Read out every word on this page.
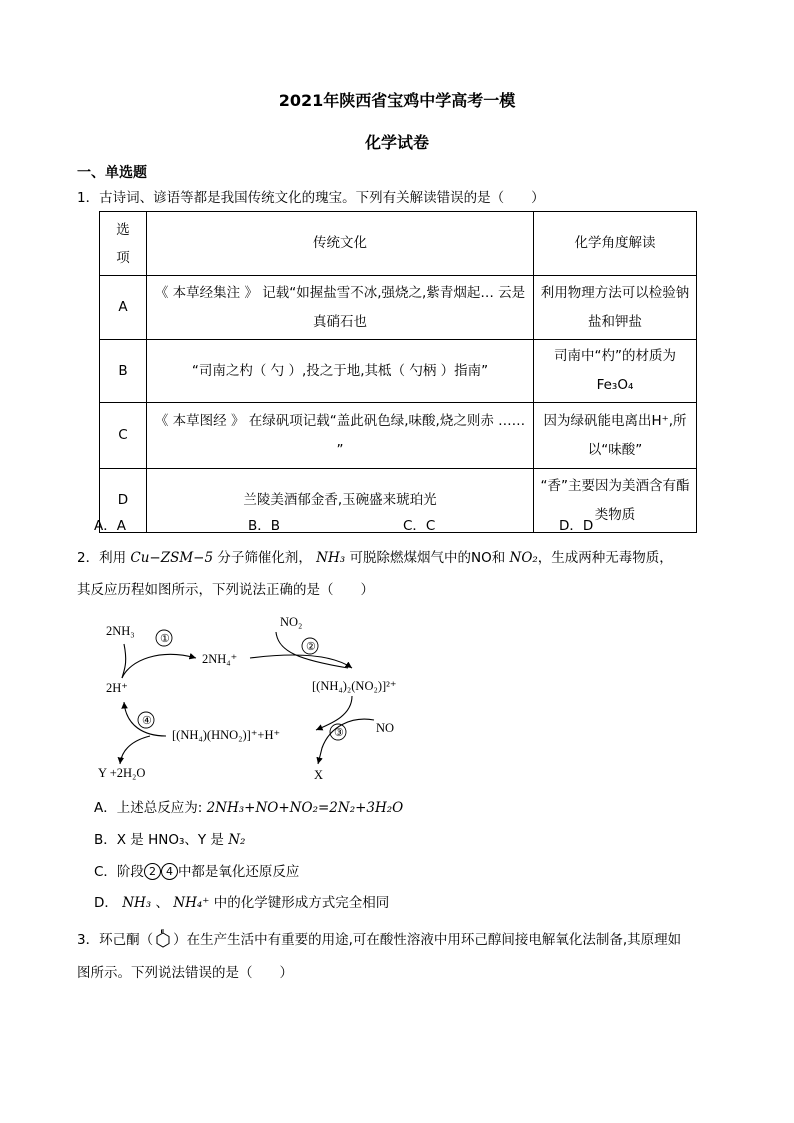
2021年陕西省宝鸡中学高考一模
化学试卷
一、单选题
1．古诗词、谚语等都是我国传统文化的瑰宝。下列有关解读错误的是（　　）
选
项	传统文化	化学角度解读
A	《 本草经集注 》 记载“如握盐雪不冰,强烧之,紫青烟起… 云是真硝石也	利用物理方法可以检验钠盐和钾盐
B	“司南之杓（ 勺 ）,投之于地,其柢（ 勺柄 ）指南”	司南中“杓”的材质为Fe₃O₄
C	《 本草图经 》 在绿矾项记载“盖此矾色绿,味酸,烧之则赤 …… ”	因为绿矾能电离出H⁺,所以“味酸”
D	兰陵美酒郁金香,玉碗盛来琥珀光	“香”主要因为美酒含有酯类物质
A．A	B．B	C．C	D．D
2．利用 Cu−ZSM−5 分子筛催化剂， NH₃ 可脱除燃煤烟气中的NO和 NO₂，生成两种无毒物质，
其反应历程如图所示，下列说法正确的是（　　）
2NH₃
2NH₄⁺
2H⁺
NO₂
[(NH₄)₂(NO₂)]²⁺
NO
[(NH₄)(HNO₂)]⁺+H⁺
Y +2H₂O	X
①
②
③
④
A．上述总反应为: 2NH₃+NO+NO₂=2N₂+3H₂O
B．X 是 HNO₃、Y 是 N₂
C．阶段 2 4 中都是氧化还原反应
D． NH₃ 、 NH₄⁺ 中的化学键形成方式完全相同
3．环己酮（ ）在生产生活中有重要的用途,可在酸性溶液中用环己醇间接电解氧化法制备,其原理如
图所示。下列说法错误的是（　　）
